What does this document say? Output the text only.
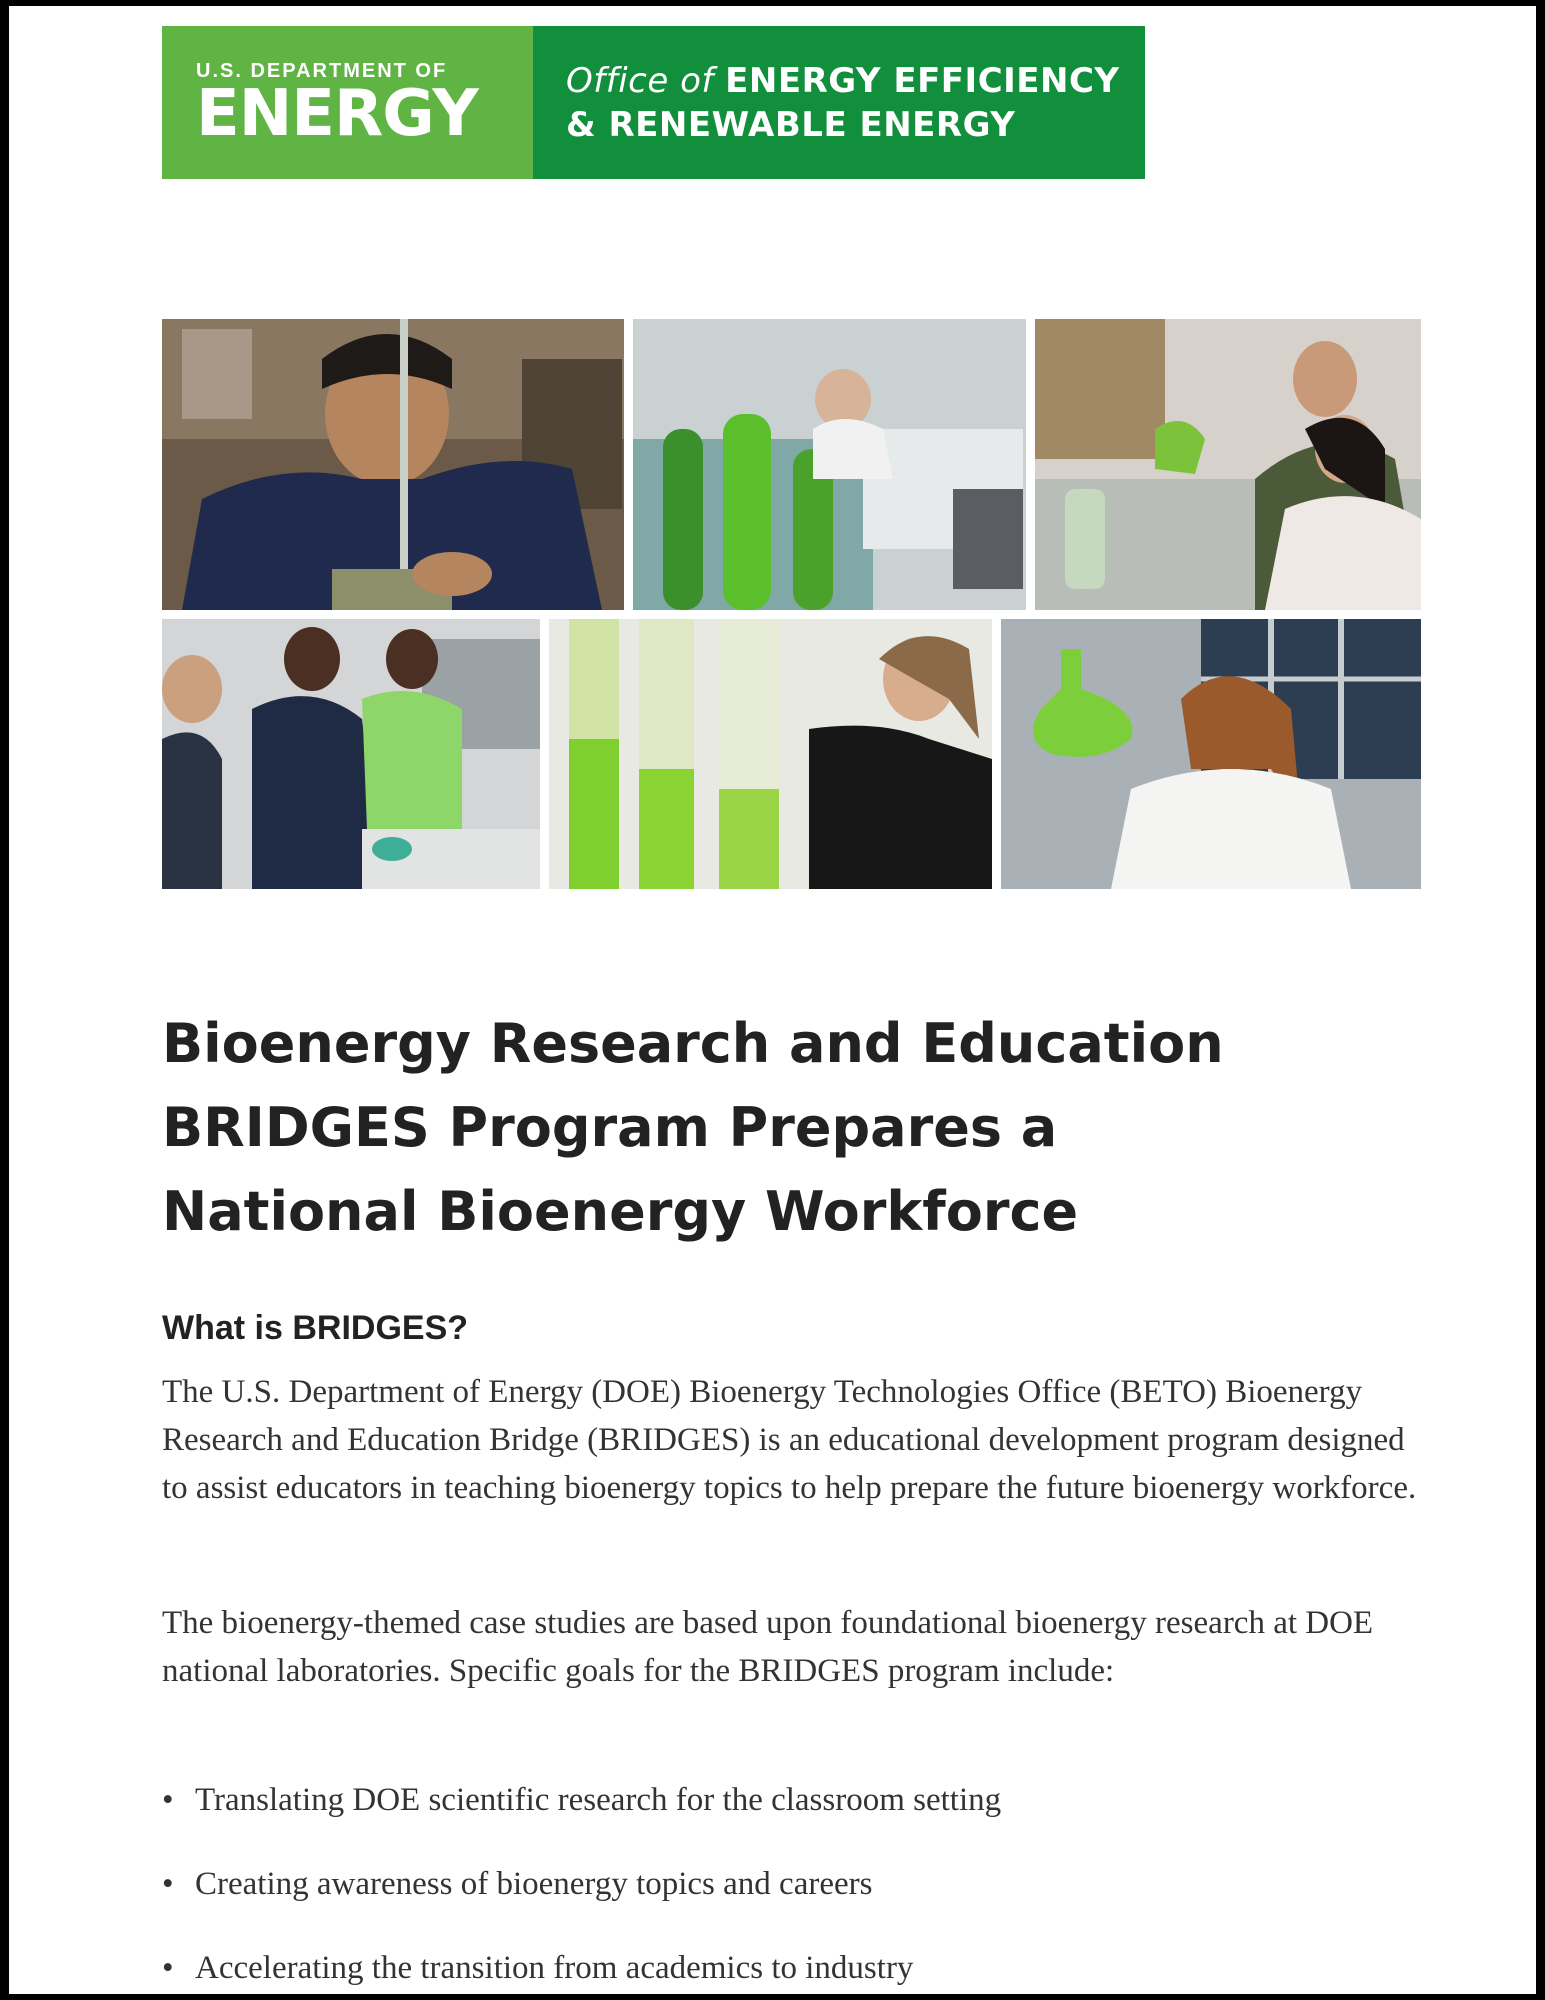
U.S. DEPARTMENT OF
ENERGY	Office of ENERGY EFFICIENCY
& RENEWABLE ENERGY
Bioenergy Research and Education
BRIDGES Program Prepares a
National Bioenergy Workforce
What is BRIDGES?

The U.S. Department of Energy (DOE) Bioenergy Technologies Office (BETO) Bioenergy Research and Education Bridge (BRIDGES) is an educational development program designed to assist educators in teaching bioenergy topics to help prepare the future bioenergy workforce.

The bioenergy-themed case studies are based upon foundational bioenergy research at DOE national laboratories. Specific goals for the BRIDGES program include:

• Translating DOE scientific research for the classroom setting
• Creating awareness of bioenergy topics and careers
• Accelerating the transition from academics to industry
